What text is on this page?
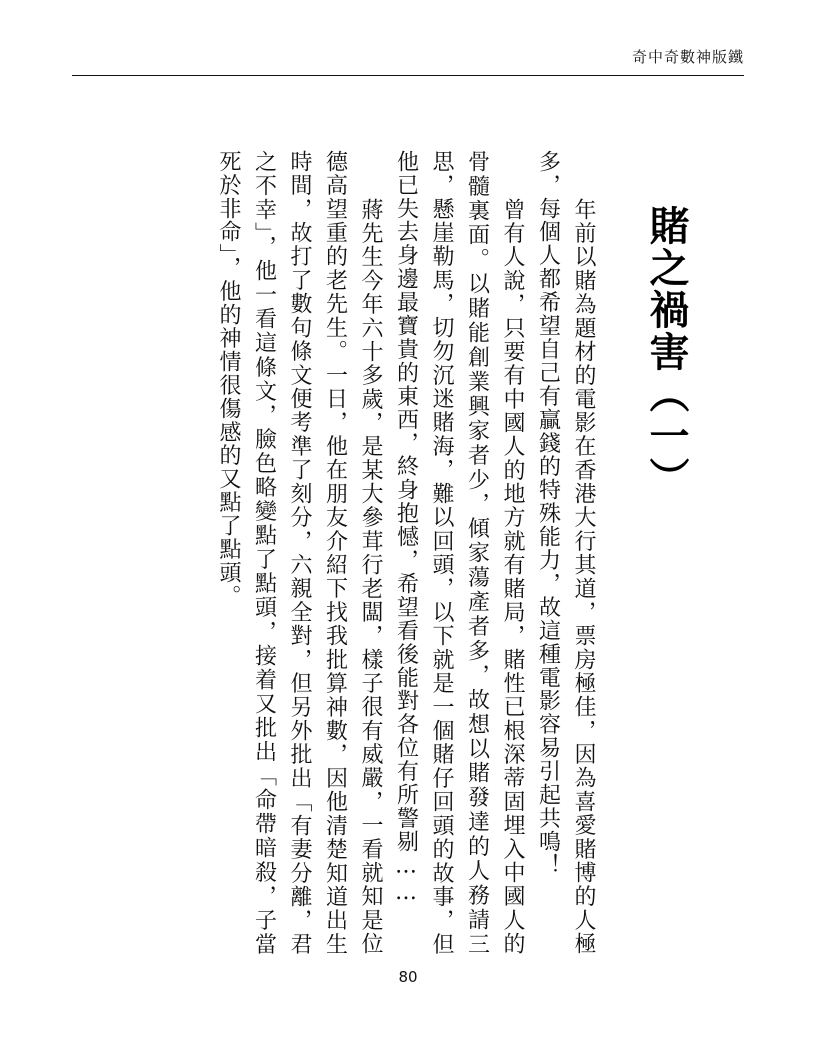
奇中奇數神版鐵
賭之禍害（一）

年前以賭為題材的電影在香港大行其道，票房極佳，因為喜愛賭博的人極多，每個人都希望自己有贏錢的特殊能力，故這種電影容易引起共鳴！

曾有人說，只要有中國人的地方就有賭局，賭性已根深蒂固埋入中國人的骨髓裏面。以賭能創業興家者少，傾家蕩產者多，故想以賭發達的人務請三思，懸崖勒馬，切勿沉迷賭海，難以回頭，以下就是一個賭仔回頭的故事，但他已失去身邊最寶貴的東西，終身抱憾，希望看後能對各位有所警剔……

蔣先生今年六十多歲，是某大參茸行老闆，樣子很有威嚴，一看就知是位德高望重的老先生。一日，他在朋友介紹下找我批算神數，因他清楚知道出生時間，故打了數句條文便考準了刻分，六親全對，但另外批出「有妻分離，君之不幸」，他一看這條文，臉色略變點了點頭，接着又批出「命帶暗殺，子當死於非命」，他的神情很傷感的又點了點頭。

80
